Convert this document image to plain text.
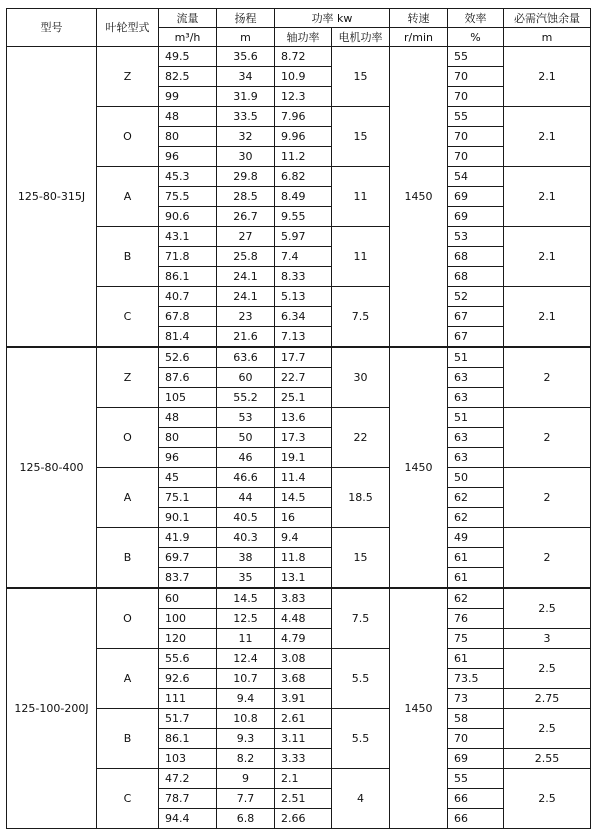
型号	叶轮型式	流量	扬程	功率 kw		转速	效率	必需汽蚀余量
		m³/h	m	轴功率	电机功率	r/min	%	m
125-80-315J	Z	49.5	35.6	8.72	15	1450	55	2.1
		82.5	34	10.9			70	
		99	31.9	12.3			70	
	O	48	33.5	7.96	15		55	2.1
		80	32	9.96			70	
		96	30	11.2			70	
	A	45.3	29.8	6.82	11		54	2.1
		75.5	28.5	8.49			69	
		90.6	26.7	9.55			69	
	B	43.1	27	5.97	11		53	2.1
		71.8	25.8	7.4			68	
		86.1	24.1	8.33			68	
	C	40.7	24.1	5.13	7.5		52	2.1
		67.8	23	6.34			67	
		81.4	21.6	7.13			67	
125-80-400	Z	52.6	63.6	17.7	30	1450	51	2
		87.6	60	22.7			63	
		105	55.2	25.1			63	
	O	48	53	13.6	22		51	2
		80	50	17.3			63	
		96	46	19.1			63	
	A	45	46.6	11.4	18.5		50	2
		75.1	44	14.5			62	
		90.1	40.5	16			62	
	B	41.9	40.3	9.4	15		49	2
		69.7	38	11.8			61	
		83.7	35	13.1			61	
125-100-200J	O	60	14.5	3.83	7.5	1450	62	2.5
		100	12.5	4.48			76	
		120	11	4.79			75	3
	A	55.6	12.4	3.08	5.5		61	2.5
		92.6	10.7	3.68			73.5	
		111	9.4	3.91			73	2.75
	B	51.7	10.8	2.61	5.5		58	2.5
		86.1	9.3	3.11			70	
		103	8.2	3.33			69	2.55
	C	47.2	9	2.1	4		55	2.5
		78.7	7.7	2.51			66	
		94.4	6.8	2.66			66	
